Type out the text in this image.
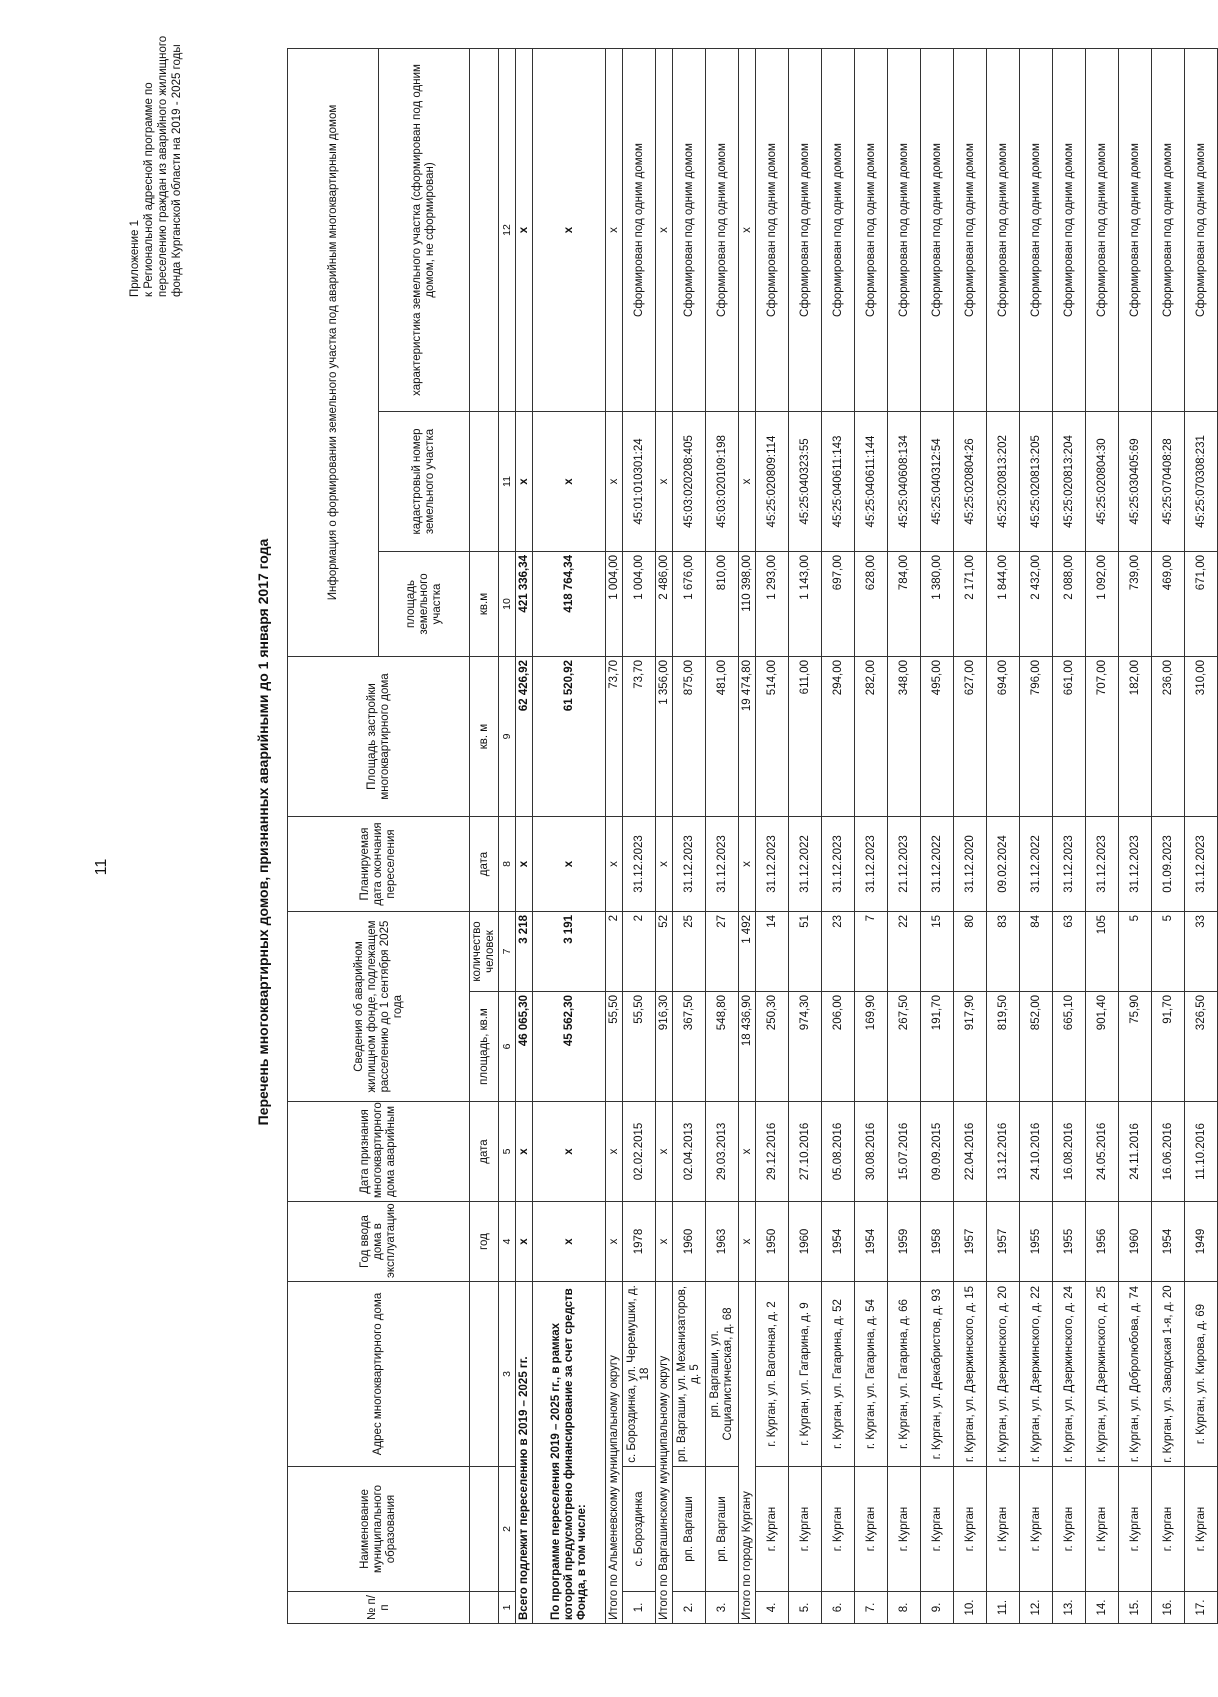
11
Приложение 1 к Региональной адресной программе по переселению граждан из аварийного жилищного фонда Курганской области на 2019 - 2025 годы
Перечень многоквартирных домов, признанных аварийными до 1 января 2017 года
№ п/п	Наименование муниципального образования	Адрес многоквартирного дома	Год ввода дома в эксплуатацию	Дата признания многоквартирного дома аварийным	Сведения об аварийном жилищном фонде, подлежащем расселению до 1 сентября 2025 года		Планируемая дата окончания переселения	Площадь застройки многоквартирного дома	Информация о формировании земельного участка под аварийным многоквартирным домом		
									площадь земельного участка	кадастровый номер земельного участка	характеристика земельного участка (сформирован под одним домом, не сформирован)
			год	дата	площадь, кв.м	количество человек	дата	кв. м	кв.м		
1	2	3	4	5	6	7	8	9	10	11	12
Всего подлежит переселению в 2019 – 2025 гг.			х	х	46 065,30	3 218	х	62 426,92	421 336,34	х	х
По программе переселения 2019 – 2025 гг., в рамках которой предусмотрено финансирование за счет средств Фонда, в том числе:			х	х	45 562,30	3 191	х	61 520,92	418 764,34	х	х
Итого по Альменевскому муниципальному округу			х	х	55,50	2	х	73,70	1 004,00	х	х
1.	с. Бороздинка	с. Бороздинка, ул. Черемушки, д. 18	1978	02.02.2015	55,50	2	31.12.2023	73,70	1 004,00	45:01:010301:24	Сформирован под одним домом
Итого по Варгашинскому муниципальному округу			х	х	916,30	52	х	1 356,00	2 486,00	х	х
2.	рп. Варгаши	рп. Варгаши, ул. Механизаторов, д. 5	1960	02.04.2013	367,50	25	31.12.2023	875,00	1 676,00	45:03:020208:405	Сформирован под одним домом
3.	рп. Варгаши	рп. Варгаши, ул. Социалистическая, д. 68	1963	29.03.2013	548,80	27	31.12.2023	481,00	810,00	45:03:020109:198	Сформирован под одним домом
Итого по городу Кургану			х	х	18 436,90	1 492	х	19 474,80	110 398,00	х	х
4.	г. Курган	г. Курган, ул. Вагонная, д. 2	1950	29.12.2016	250,30	14	31.12.2023	514,00	1 293,00	45:25:020809:114	Сформирован под одним домом
5.	г. Курган	г. Курган, ул. Гагарина, д. 9	1960	27.10.2016	974,30	51	31.12.2022	611,00	1 143,00	45:25:040323:55	Сформирован под одним домом
6.	г. Курган	г. Курган, ул. Гагарина, д. 52	1954	05.08.2016	206,00	23	31.12.2023	294,00	697,00	45:25:040611:143	Сформирован под одним домом
7.	г. Курган	г. Курган, ул. Гагарина, д. 54	1954	30.08.2016	169,90	7	31.12.2023	282,00	628,00	45:25:040611:144	Сформирован под одним домом
8.	г. Курган	г. Курган, ул. Гагарина, д. 66	1959	15.07.2016	267,50	22	21.12.2023	348,00	784,00	45:25:040608:134	Сформирован под одним домом
9.	г. Курган	г. Курган, ул. Декабристов, д. 93	1958	09.09.2015	191,70	15	31.12.2022	495,00	1 380,00	45:25:040312:54	Сформирован под одним домом
10.	г. Курган	г. Курган, ул. Дзержинского, д. 15	1957	22.04.2016	917,90	80	31.12.2020	627,00	2 171,00	45:25:020804:26	Сформирован под одним домом
11.	г. Курган	г. Курган, ул. Дзержинского, д. 20	1957	13.12.2016	819,50	83	09.02.2024	694,00	1 844,00	45:25:020813:202	Сформирован под одним домом
12.	г. Курган	г. Курган, ул. Дзержинского, д. 22	1955	24.10.2016	852,00	84	31.12.2022	796,00	2 432,00	45:25:020813:205	Сформирован под одним домом
13.	г. Курган	г. Курган, ул. Дзержинского, д. 24	1955	16.08.2016	665,10	63	31.12.2023	661,00	2 088,00	45:25:020813:204	Сформирован под одним домом
14.	г. Курган	г. Курган, ул. Дзержинского, д. 25	1956	24.05.2016	901,40	105	31.12.2023	707,00	1 092,00	45:25:020804:30	Сформирован под одним домом
15.	г. Курган	г. Курган, ул. Добролюбова, д. 74	1960	24.11.2016	75,90	5	31.12.2023	182,00	739,00	45:25:030405:69	Сформирован под одним домом
16.	г. Курган	г. Курган, ул. Заводская 1-я, д. 20	1954	16.06.2016	91,70	5	01.09.2023	236,00	469,00	45:25:070408:28	Сформирован под одним домом
17.	г. Курган	г. Курган, ул. Кирова, д. 69	1949	11.10.2016	326,50	33	31.12.2023	310,00	671,00	45:25:070308:231	Сформирован под одним домом
